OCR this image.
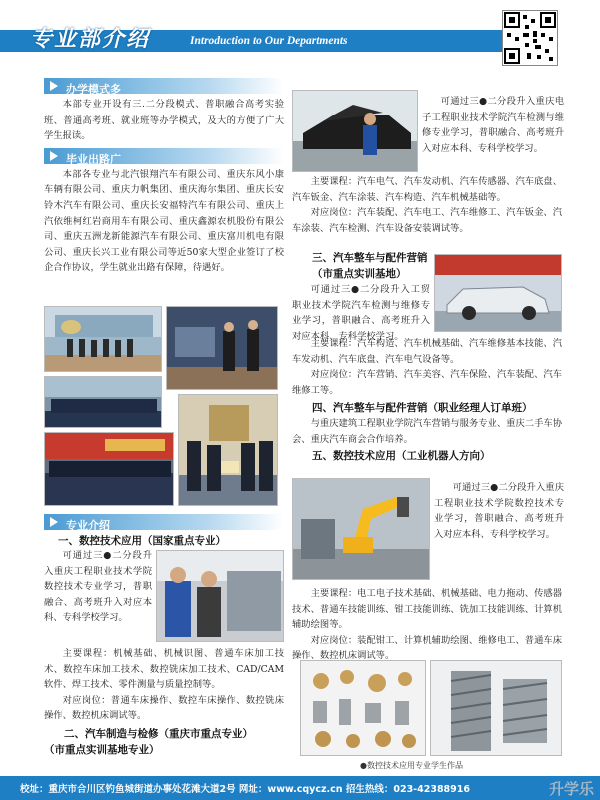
专业部介绍	Introduction to Our Departments
办学模式多

本部专业开设有三.二分段模式、普职融合高考实验班、普通高考班、就业班等办学模式，及大的方便了广大学生报读。

毕业出路广

本部各专业与北汽银翔汽车有限公司、重庆东风小康车辆有限公司、重庆力帆集团、重庆海尔集团、重庆长安铃木汽车有限公司、重庆长安福特汽车有限公司、重庆上汽依维柯红岩商用车有限公司、重庆鑫源农机股份有限公司、重庆五洲龙新能源汽车有限公司、重庆富川机电有限公司、重庆长兴工业有限公司等近50家大型企业签订了校企合作协议，学生就业出路有保障，待遇好。

专业介绍
一、数控技术应用（国家重点专业）

可通过三●二分段升入重庆工程职业技术学院数控技术专业学习，普职融合、高考班升入对应本科、专科学校学习。

主要课程：机械基础、机械识图、普通车床加工技术、数控车床加工技术、数控铣床加工技术、CAD/CAM软件、焊工技术、零件测量与质量控制等。

对应岗位：普通车床操作、数控车床操作、数控铣床操作、数控机床调试等。

二、汽车制造与检修（重庆市重点专业）
（市重点实训基地专业）

可通过三●二分段升入重庆电子工程职业技术学院汽车检测与维修专业学习，普职融合、高考班升入对应本科、专科学校学习。

主要课程：汽车电气、汽车发动机、汽车传感器、汽车底盘、汽车钣金、汽车涂装、汽车构造、汽车机械基础等。

对应岗位：汽车装配、汽车电工、汽车维修工、汽车钣金、汽车涂装、汽车检测、汽车设备安装调试等。

三、汽车整车与配件营销（市重点实训基地）

可通过三●二分段升入工贸职业技术学院汽车检测与维修专业学习，普职融合、高考班升入对应本科、专科学校学习。

主要课程：汽车构造、汽车机械基础、汽车维修基本技能、汽车发动机、汽车底盘、汽车电气设备等。

对应岗位：汽车营销、汽车美容、汽车保险、汽车装配、汽车维修工等。

四、汽车整车与配件营销（职业经理人订单班）

与重庆建筑工程职业学院汽车营销与服务专业、重庆二手车协会、重庆汽车商会合作培养。

五、数控技术应用（工业机器人方向）

可通过三●二分段升入重庆工程职业技术学院数控技术专业学习，普职融合、高考班升入对应本科、专科学校学习。

主要课程：电工电子技术基础、机械基础、电力拖动、传感器技术、普通车技能训练、钳工技能训练、铣加工技能训练、计算机辅助绘图等。

对应岗位：装配钳工、计算机辅助绘图、维修电工、普通车床操作、数控机床调试等。

●数控技术应用专业学生作品
校址：重庆市合川区钓鱼城街道办事处花滩大道2号 网址：www.cqycz.cn 招生热线：023-42388916	升学乐
